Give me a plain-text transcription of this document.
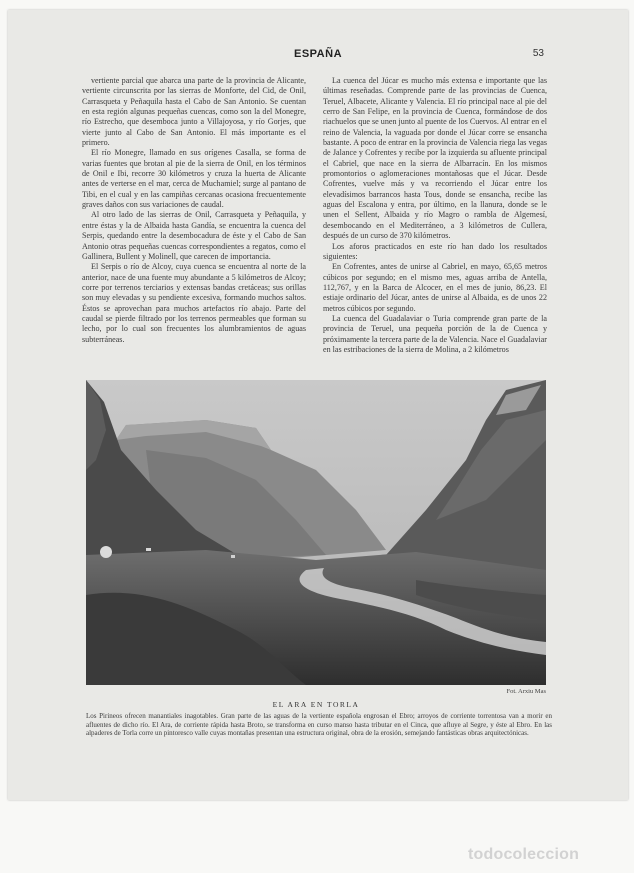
ESPAÑA	53

vertiente parcial que abarca una parte de la provincia de Alicante, vertiente circunscrita por las sierras de Monforte, del Cid, de Onil, Carrasqueta y Peñaquila hasta el Cabo de San Antonio. Se cuentan en esta región algunas pequeñas cuencas, como son la del Monegre, río Estrecho, que desemboca junto a Villajoyosa, y río Gorjes, que vierte junto al Cabo de San Antonio. El más importante es el primero.

El río Monegre, llamado en sus orígenes Casalla, se forma de varias fuentes que brotan al pie de la sierra de Onil, en los términos de Onil e Ibi, recorre 30 kilómetros y cruza la huerta de Alicante antes de verterse en el mar, cerca de Muchamiel; surge al pantano de Tibi, en el cual y en las campiñas cercanas ocasiona frecuentemente graves daños con sus variaciones de caudal.

Al otro lado de las sierras de Onil, Carrasqueta y Peñaquila, y entre éstas y la de Albaida hasta Gandía, se encuentra la cuenca del Serpis, quedando entre la desembocadura de éste y el Cabo de San Antonio otras pequeñas cuencas correspondientes a regatos, como el Gallinera, Bullent y Molinell, que carecen de importancia.

El Serpis o río de Alcoy, cuya cuenca se encuentra al norte de la anterior, nace de una fuente muy abundante a 5 kilómetros de Alcoy; corre por terrenos terciarios y extensas bandas cretáceas; sus orillas son muy elevadas y su pendiente excesiva, formando muchos saltos. Éstos se aprovechan para muchos artefactos río abajo. Parte del caudal se pierde filtrado por los terrenos permeables que forman su lecho, por lo cual son frecuentes los alumbramientos de aguas subterráneas.

La cuenca del Júcar es mucho más extensa e importante que las últimas reseñadas. Comprende parte de las provincias de Cuenca, Teruel, Albacete, Alicante y Valencia. El río principal nace al pie del cerro de San Felipe, en la provincia de Cuenca, formándose de dos riachuelos que se unen junto al puente de los Cuervos. Al entrar en el reino de Valencia, la vaguada por donde el Júcar corre se ensancha bastante. A poco de entrar en la provincia de Valencia riega las vegas de Jalance y Cofrentes y recibe por la izquierda su afluente principal el Cabriel, que nace en la sierra de Albarracín. En los mismos promontorios o aglomeraciones montañosas que el Júcar. Desde Cofrentes, vuelve más y va recorriendo el Júcar entre los elevadísimos barrancos hasta Tous, donde se ensancha, recibe las aguas del Escalona y entra, por último, en la llanura, donde se le unen el Sellent, Albaida y río Magro o rambla de Algemesí, desembocando en el Mediterráneo, a 3 kilómetros de Cullera, después de un curso de 370 kilómetros.

Los aforos practicados en este río han dado los resultados siguientes:

En Cofrentes, antes de unirse al Cabriel, en mayo, 65,65 metros cúbicos por segundo; en el mismo mes, aguas arriba de Antella, 112,767, y en la Barca de Alcocer, en el mes de junio, 86,23. El estiaje ordinario del Júcar, antes de unirse al Albaida, es de unos 22 metros cúbicos por segundo.

La cuenca del Guadalaviar o Turia comprende gran parte de la provincia de Teruel, una pequeña porción de la de Cuenca y próximamente la tercera parte de la de Valencia. Nace el Guadalaviar en las estribaciones de la sierra de Molina, a 2 kilómetros

Fot. Arxiu Mas
EL ARA EN TORLA
Los Pirineos ofrecen manantiales inagotables. Gran parte de las aguas de la vertiente española engrosan el Ebro; arroyos de corriente torrentosa van a morir en afluentes de dicho río. El Ara, de corriente rápida hasta Broto, se transforma en curso manso hasta tributar en el Cinca, que afluye al Segre, y éste al Ebro. En las alpaderes de Torla corre un pintoresco valle cuyas montañas presentan una estructura original, obra de la erosión, semejando fantásticas obras arquitectónicas.
todocoleccion
